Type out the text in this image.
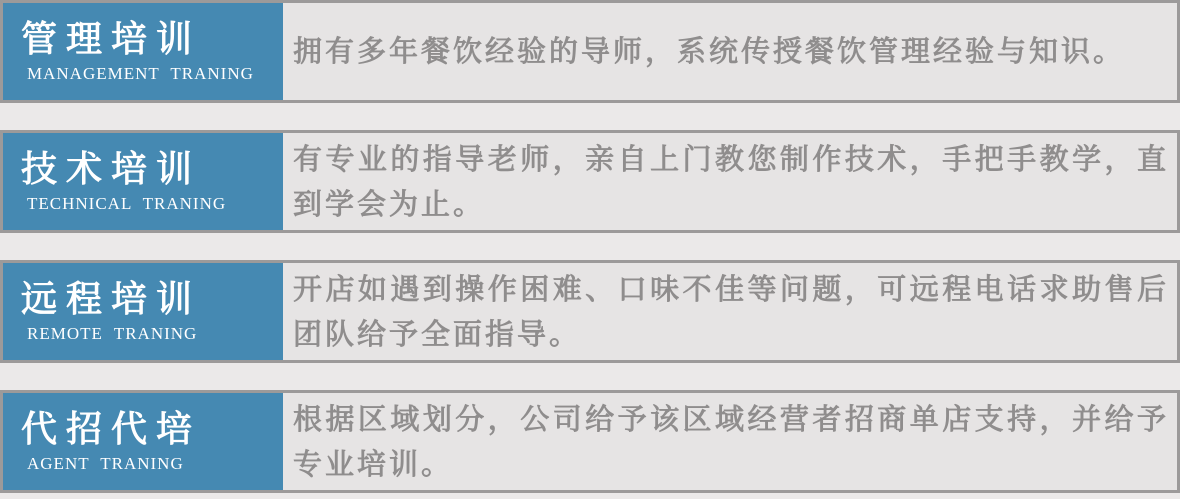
管理培训
MANAGEMENT TRANING
拥有多年餐饮经验的导师，系统传授餐饮管理经验与知识。
技术培训
TECHNICAL TRANING
有专业的指导老师，亲自上门教您制作技术，手把手教学，直到学会为止。
远程培训
REMOTE TRANING
开店如遇到操作困难、口味不佳等问题，可远程电话求助售后团队给予全面指导。
代招代培
AGENT TRANING
根据区域划分，公司给予该区域经营者招商单店支持，并给予专业培训。
